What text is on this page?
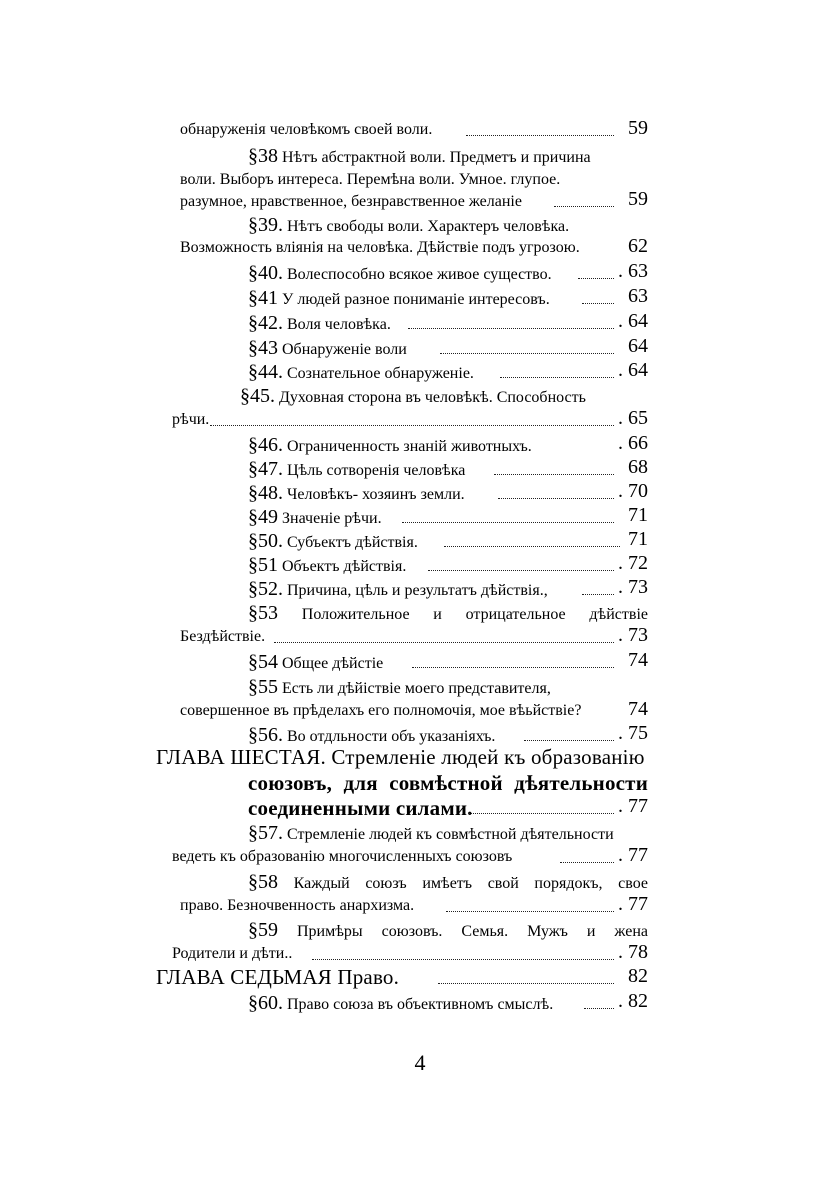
обнаруженія человѣкомъ своей воли.	59
§38 Нѣтъ абстрактной воли. Предметъ и причина
воли. Выборъ интереса. Перемѣна воли. Умное. глупое.
разумное, нравственное, безнравственное желаніе	59
§39. Нѣтъ свободы воли. Характеръ человѣка.
Возможность вліянія на человѣка. Дѣйствіе подъ угрозою.	62
§40. Волеспособно всякое живое существо.	. 63
§41 У людей разное пониманіе интересовъ.	63
§42. Воля человѣка.	. 64
§43 Обнаруженіе воли	64
§44. Сознательное обнаруженіе.	. 64
§45. Духовная сторона въ человѣкѣ. Способность
рѣчи.	. 65
§46. Ограниченность знаній животныхъ.	. 66
§47. Цѣль сотворенія человѣка	68
§48. Человѣкъ- хозяинъ земли.	. 70
§49 Значеніе рѣчи.	71
§50. Субъектъ дѣйствія.	71
§51 Объектъ дѣйствія.	. 72
§52. Причина, цѣль и результатъ дѣйствія.,	. 73
§53 Положительное и отрицательное дѣйствіе
Бездѣйствіе.	. 73
§54 Общее дѣйстіе	74
§55 Есть ли дѣйіствіе моего представителя,
совершенное въ прѣделахъ его полномочія, мое вѣьйствіе?	74
§56. Во отдльности объ указаніяхъ.	. 75
ГЛАВА ШЕСТАЯ. Стремленіе людей къ образованію
союзовъ, для совмѣстной дѣятельности
соединенными силами.	. 77
§57. Стремленіе людей къ совмѣстной дѣятельности
ведеть къ образованію многочисленныхъ союзовъ	. 77
§58 Каждый союзъ имѣетъ свой порядокъ, свое
право. Безночвенность анархизма.	. 77
§59 Примѣры союзовъ. Семья. Мужъ и жена
Родители и дѣти..	. 78
ГЛАВА СЕДЬМАЯ Право.	82
§60. Право союза въ объективномъ смыслѣ.	. 82
4
